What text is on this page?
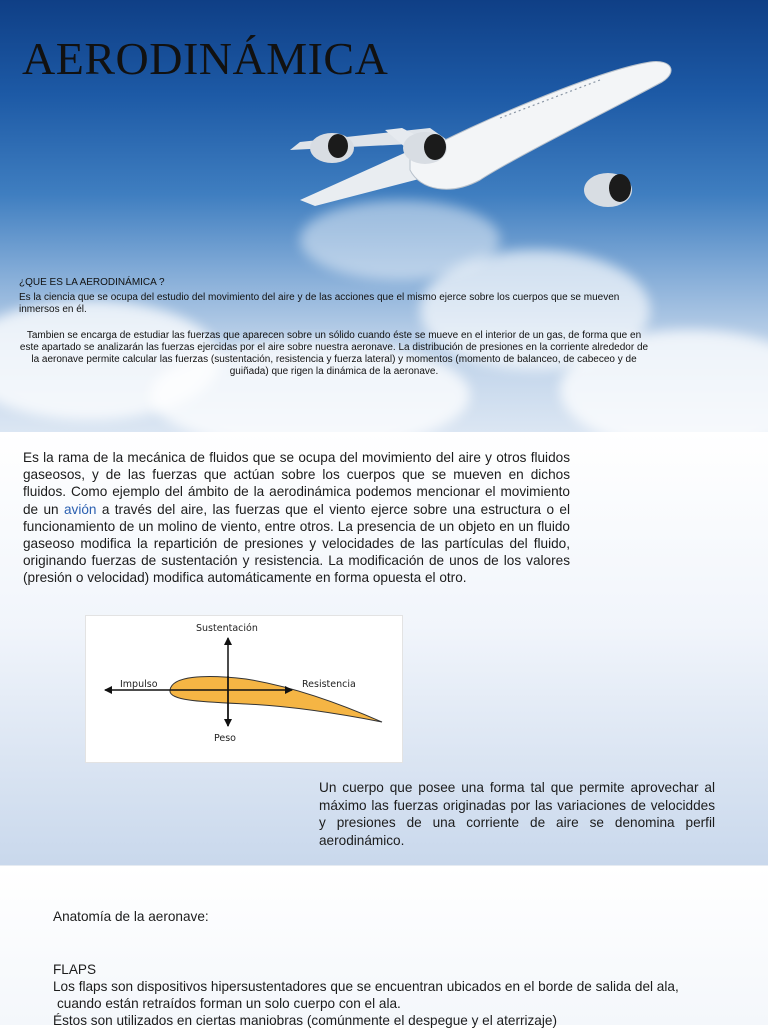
AERODINÁMICA
¿QUE ES LA AERODINÁMICA ?

Es la ciencia que se ocupa del estudio del movimiento del aire y de las acciones que el mismo ejerce sobre los cuerpos que se mueven inmersos en él.

Tambien se encarga de estudiar las fuerzas que aparecen sobre un sólido cuando éste se mueve en el interior de un gas, de forma que en este apartado se analizarán las fuerzas ejercidas por el aire sobre nuestra aeronave. La distribución de presiones en la corriente alrededor de la aeronave permite calcular las fuerzas (sustentación, resistencia y fuerza lateral) y momentos (momento de balanceo, de cabeceo y de guiñada) que rigen la dinámica de la aeronave.

Es la rama de la mecánica de fluidos que se ocupa del movimiento del aire y otros fluidos gaseosos, y de las fuerzas que actúan sobre los cuerpos que se mueven en dichos fluidos. Como ejemplo del ámbito de la aerodinámica podemos mencionar el movimiento de un avión a través del aire, las fuerzas que el viento ejerce sobre una estructura o el funcionamiento de un molino de viento, entre otros. La presencia de un objeto en un fluido gaseoso modifica la repartición de presiones y velocidades de las partículas del fluido, originando fuerzas de sustentación y resistencia. La modificación de unos de los valores (presión o velocidad) modifica automáticamente en forma opuesta el otro.

Sustentación
Impulso	Resistencia
Peso

Un cuerpo que posee una forma tal que permite aprovechar al máximo las fuerzas originadas por las variaciones de velociddes y presiones de una corriente de aire se denomina perfil aerodinámico.

Anatomía de la aeronave:
FLAPS
Los flaps son dispositivos hipersustentadores que se encuentran ubicados en el borde de salida del ala,
cuando están retraídos forman un solo cuerpo con el ala.
Éstos son utilizados en ciertas maniobras (comúnmente el despegue y el aterrizaje)
